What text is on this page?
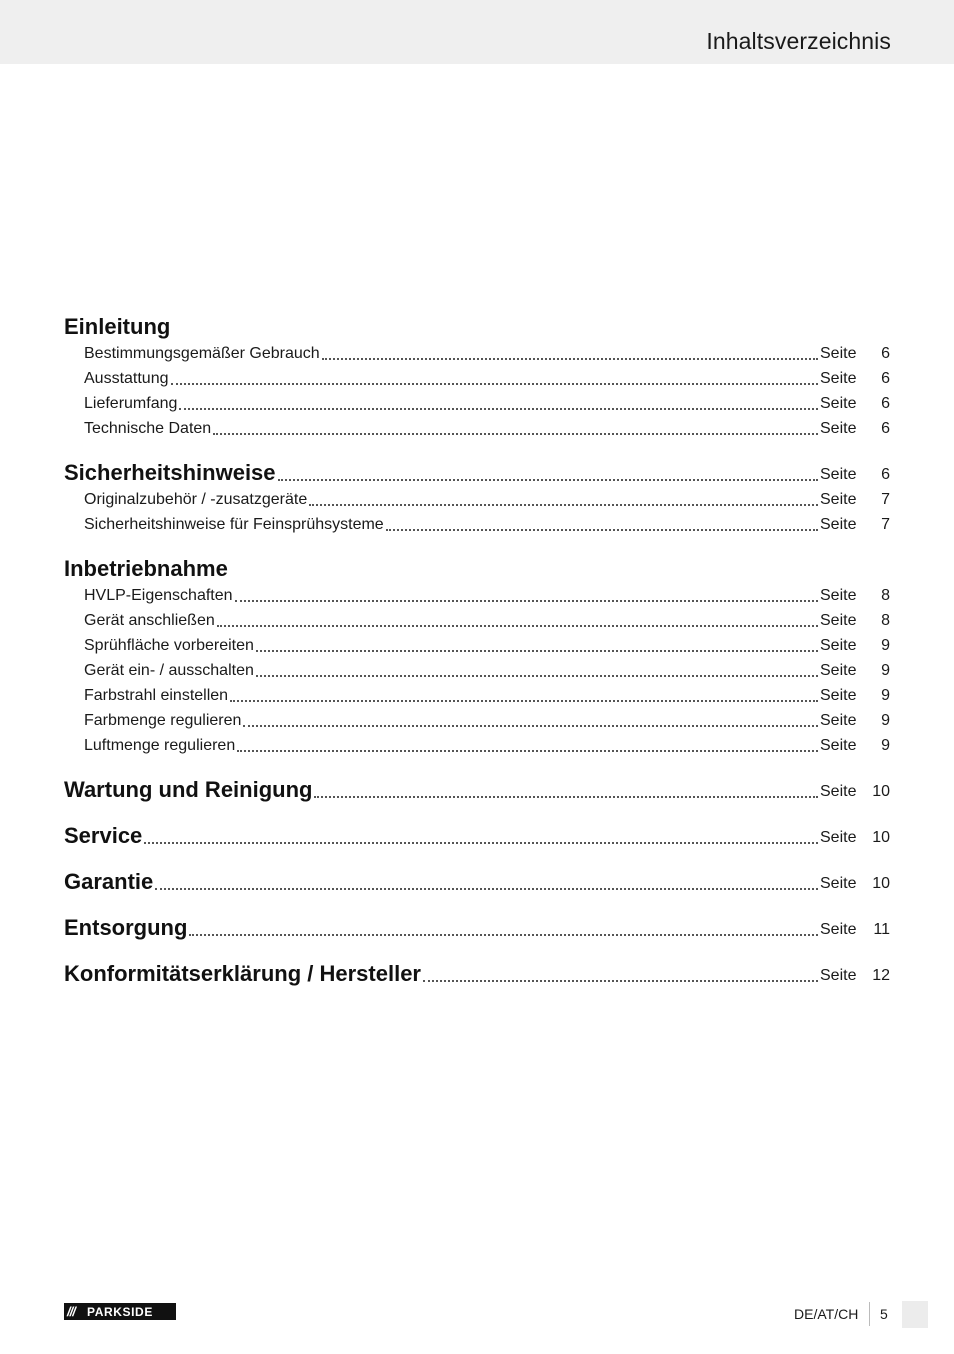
Inhaltsverzeichnis
Einleitung
Bestimmungsgemäßer Gebrauch	Seite	6
Ausstattung	Seite	6
Lieferumfang	Seite	6
Technische Daten	Seite	6
Sicherheitshinweise	Seite	6
Originalzubehör / -zusatzgeräte	Seite	7
Sicherheitshinweise für Feinsprühsysteme	Seite	7
Inbetriebnahme
HVLP-Eigenschaften	Seite	8
Gerät anschließen	Seite	8
Sprühfläche vorbereiten	Seite	9
Gerät ein- / ausschalten	Seite	9
Farbstrahl einstellen	Seite	9
Farbmenge regulieren	Seite	9
Luftmenge regulieren	Seite	9
Wartung und Reinigung	Seite 10
Service	Seite 10
Garantie	Seite 10
Entsorgung	Seite	11
Konformitätserklärung / Hersteller	Seite 12
///	PARKSIDE	DE/AT/CH 5
